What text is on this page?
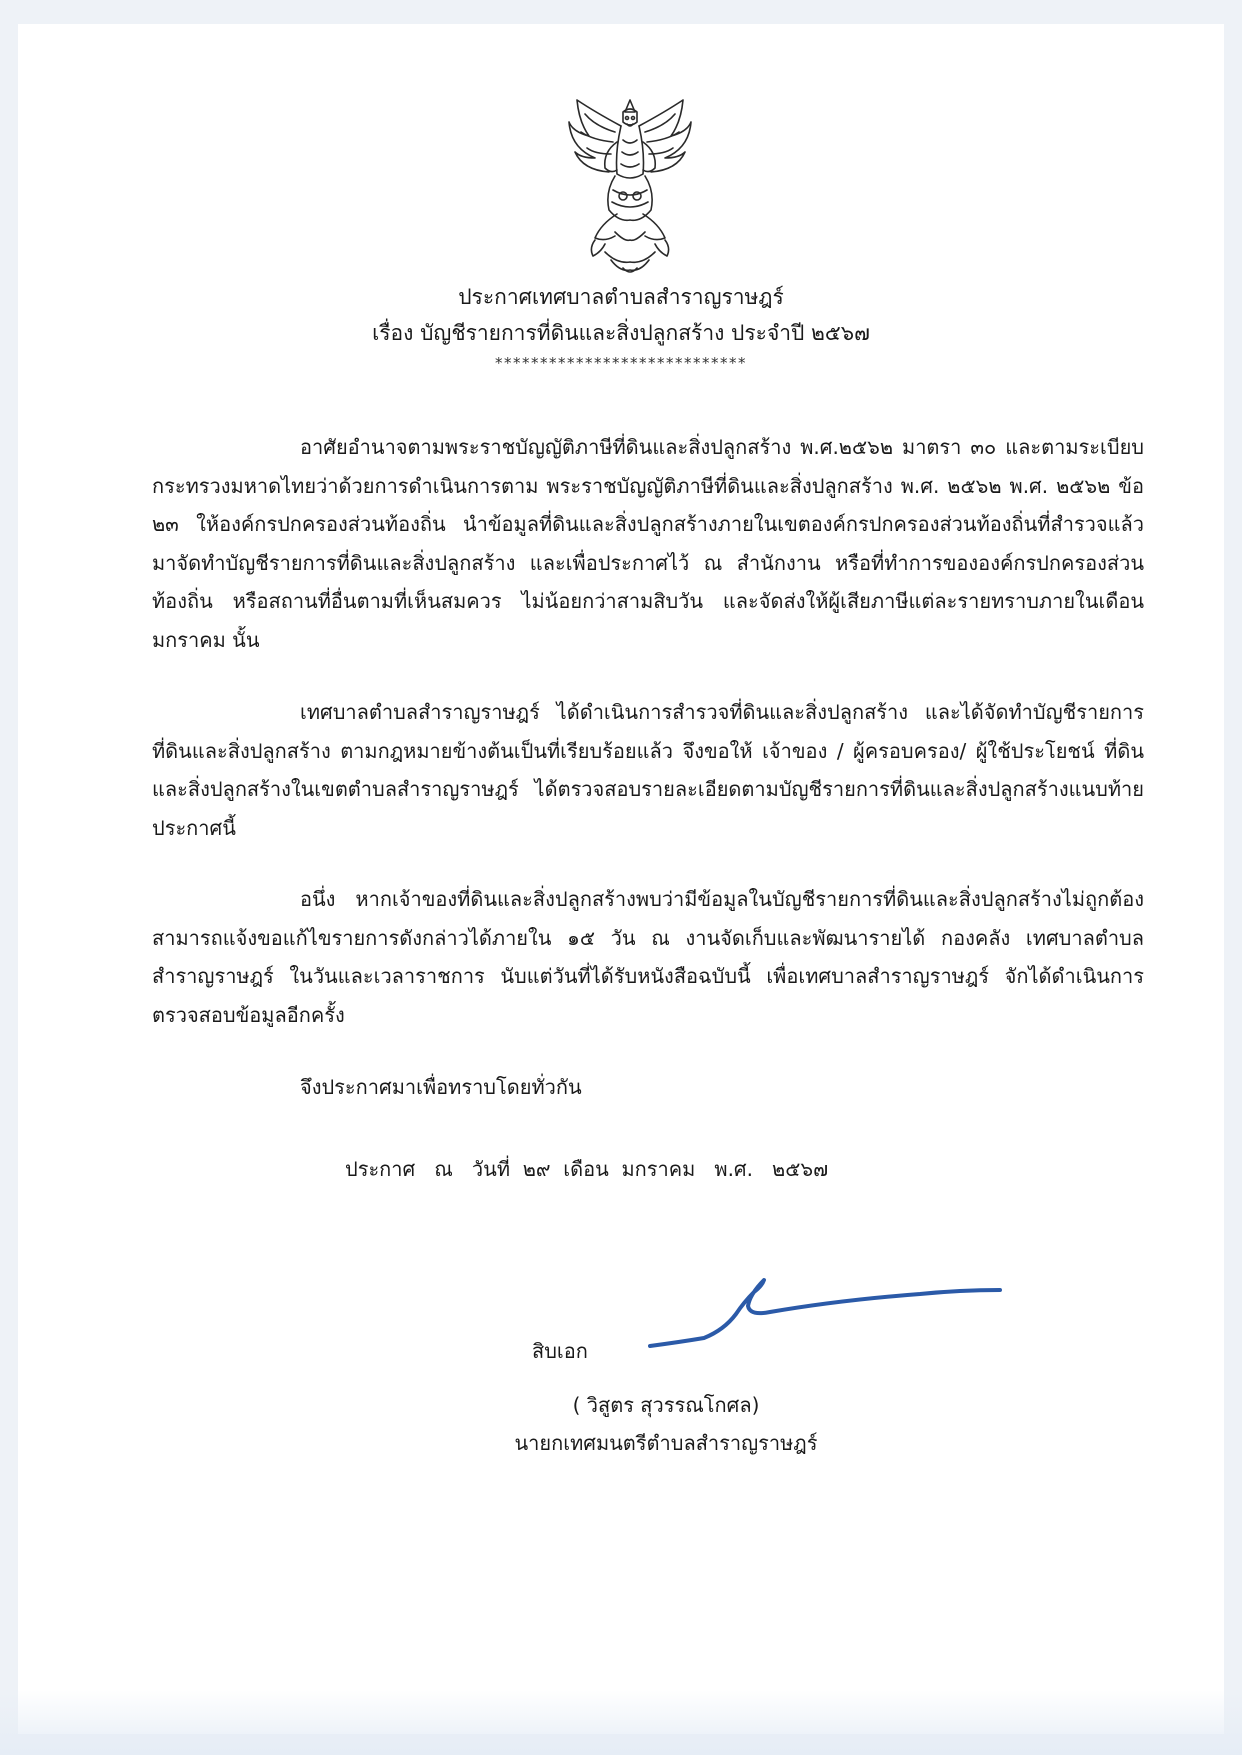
ประกาศเทศบาลตำบลสำราญราษฎร์
เรื่อง บัญชีรายการที่ดินและสิ่งปลูกสร้าง ประจำปี ๒๕๖๗
****************************

อาศัยอำนาจตามพระราชบัญญัติภาษีที่ดินและสิ่งปลูกสร้าง พ.ศ.๒๕๖๒ มาตรา ๓๐ และตามระเบียบกระทรวงมหาดไทยว่าด้วยการดำเนินการตาม พระราชบัญญัติภาษีที่ดินและสิ่งปลูกสร้าง พ.ศ. ๒๕๖๒ พ.ศ. ๒๕๖๒ ข้อ ๒๓ ให้องค์กรปกครองส่วนท้องถิ่น นำข้อมูลที่ดินและสิ่งปลูกสร้างภายในเขตองค์กรปกครองส่วนท้องถิ่นที่สำรวจแล้ว มาจัดทำบัญชีรายการที่ดินและสิ่งปลูกสร้าง และเพื่อประกาศไว้ ณ สำนักงาน หรือที่ทำการขององค์กรปกครองส่วนท้องถิ่น หรือสถานที่อื่นตามที่เห็นสมควร ไม่น้อยกว่าสามสิบวัน และจัดส่งให้ผู้เสียภาษีแต่ละรายทราบภายในเดือนมกราคม นั้น

เทศบาลตำบลสำราญราษฎร์ ได้ดำเนินการสำรวจที่ดินและสิ่งปลูกสร้าง และได้จัดทำบัญชีรายการที่ดินและสิ่งปลูกสร้าง ตามกฎหมายข้างต้นเป็นที่เรียบร้อยแล้ว จึงขอให้ เจ้าของ / ผู้ครอบครอง/ ผู้ใช้ประโยชน์ ที่ดินและสิ่งปลูกสร้างในเขตตำบลสำราญราษฎร์ ได้ตรวจสอบรายละเอียดตามบัญชีรายการที่ดินและสิ่งปลูกสร้างแนบท้ายประกาศนี้

อนึ่ง หากเจ้าของที่ดินและสิ่งปลูกสร้างพบว่ามีข้อมูลในบัญชีรายการที่ดินและสิ่งปลูกสร้างไม่ถูกต้อง สามารถแจ้งขอแก้ไขรายการดังกล่าวได้ภายใน ๑๕ วัน ณ งานจัดเก็บและพัฒนารายได้ กองคลัง เทศบาลตำบลสำราญราษฎร์ ในวันและเวลาราชการ นับแต่วันที่ได้รับหนังสือฉบับนี้ เพื่อเทศบาลสำราญราษฎร์ จักได้ดำเนินการตรวจสอบข้อมูลอีกครั้ง

จึงประกาศมาเพื่อทราบโดยทั่วกัน
ประกาศ   ณ   วันที่  ๒๙  เดือน  มกราคม   พ.ศ.   ๒๕๖๗
สิบเอก
( วิสูตร สุวรรณโกศล)
นายกเทศมนตรีตำบลสำราญราษฎร์
